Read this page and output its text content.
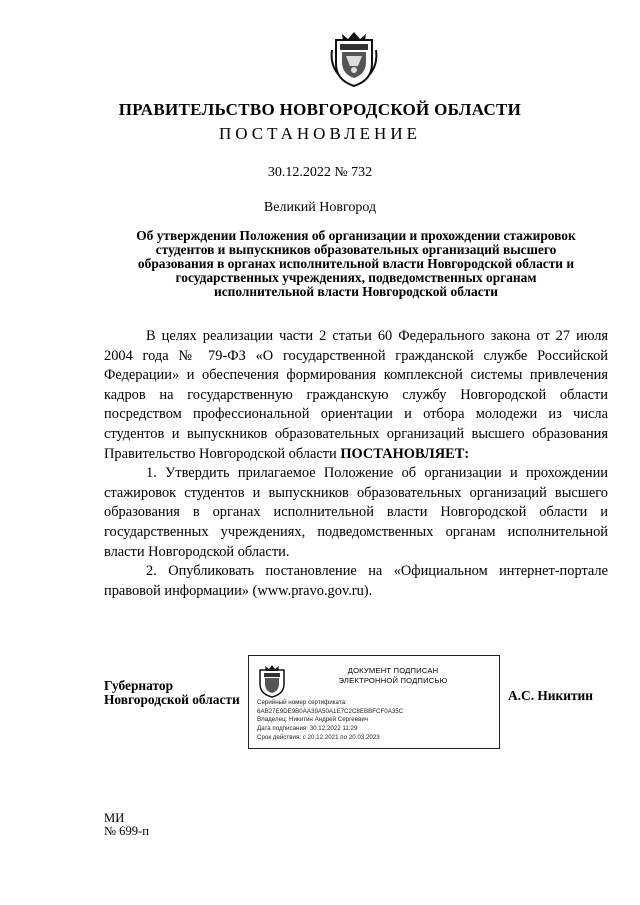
ПРАВИТЕЛЬСТВО НОВГОРОДСКОЙ ОБЛАСТИ
ПОСТАНОВЛЕНИЕ
30.12.2022 № 732
Великий Новгород
Об утверждении Положения об организации и прохождении стажировок
студентов и выпускников образовательных организаций высшего
образования в органах исполнительной власти Новгородской области и
государственных учреждениях, подведомственных органам
исполнительной власти Новгородской области

В целях реализации части 2 статьи 60 Федерального закона от 27 июля 2004 года № 79-ФЗ «О государственной гражданской службе Российской Федерации» и обеспечения формирования комплексной системы привлечения кадров на государственную гражданскую службу Новгородской области посредством профессиональной ориентации и отбора молодежи из числа студентов и выпускников образовательных организаций высшего образования Правительство Новгородской области ПОСТАНОВЛЯЕТ:

1. Утвердить прилагаемое Положение об организации и прохождении стажировок студентов и выпускников образовательных организаций высшего образования в органах исполнительной власти Новгородской области и государственных учреждениях, подведомственных органам исполнительной власти Новгородской области.

2. Опубликовать постановление на «Официальном интернет-портале правовой информации» (www.pravo.gov.ru).

Губернатор
Новгородской области
ДОКУМЕНТ ПОДПИСАН
ЭЛЕКТРОННОЙ ПОДПИСЬЮ
Серийный номер сертификата:
6AB27E9DE9B0AA39A50A1E7C2C8EBBFCF0A35C
Владелец: Никитин Андрей Сергеевич
Дата подписания: 30.12.2022 11:29
Срок действия: с 20.12.2021 по 20.03.2023
А.С. Никитин
МИ
№ 699-п
